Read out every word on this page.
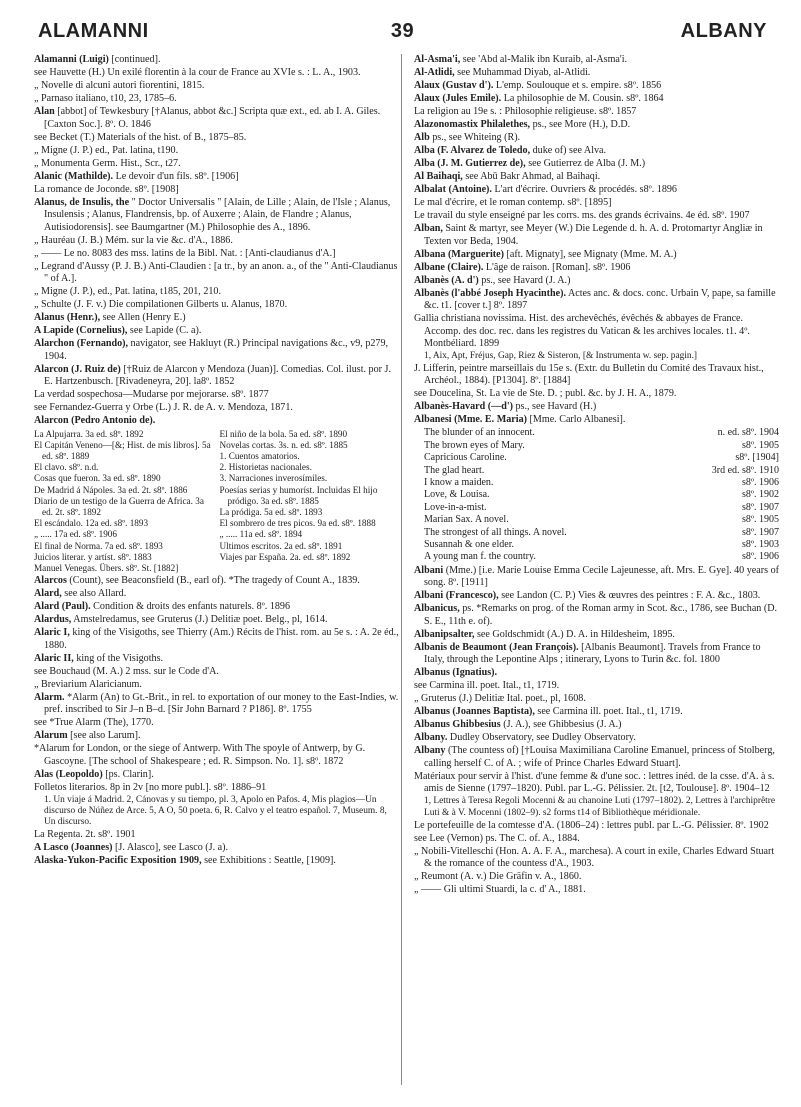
ALAMANNI	39	ALBANY
Alamanni (Luigi) [continued].
see Hauvette (H.) Un exilé florentin à la cour de France au XVIe s. : L. A., 1903.
„ Novelle di alcuni autori fiorentini, 1815.
„ Parnaso italiano, t10, 23, 1785–6.
Alan [abbot] of Tewkesbury [†Alanus, abbot &c.] Scripta quæ ext., ed. ab I. A. Giles. [Caxton Soc.]. 8º. O. 1846
see Becket (T.) Materials of the hist. of B., 1875–85.
„ Migne (J. P.) ed., Pat. latina, t190.
„ Monumenta Germ. Hist., Scr., t27.
Alanic (Mathilde). Le devoir d'un fils. s8º. [1906]
La romance de Joconde. s8º. [1908]
Alanus, de Insulis, the " Doctor Universalis " [Alain, de Lille ; Alain, de l'Isle ; Alanus, Insulensis ; Alanus, Flandrensis, bp. of Auxerre ; Alain, de Flandre ; Alanus, Autisiodorensis]. see Baumgartner (M.) Philosophie des A., 1896.
„ Hauréau (J. B.) Mém. sur la vie &c. d'A., 1886.
„ —— Le no. 8083 des mss. latins de la Bibl. Nat. : [Anti-claudianus d'A.]
„ Legrand d'Aussy (P. J. B.) Anti-Claudien : [a tr., by an anon. a., of the " Anti-Claudianus " of A.].
„ Migne (J. P.), ed., Pat. latina, t185, 201, 210.
„ Schulte (J. F. v.) Die compilationen Gilberts u. Alanus, 1870.
Alanus (Henr.), see Allen (Henry E.)
A Lapide (Cornelius), see Lapide (C. a).
Alarchon (Fernando), navigator, see Hakluyt (R.) Principal navigations &c., v9, p279, 1904.
Alarcon (J. Ruiz de) [†Ruiz de Alarcon y Mendoza (Juan)]. Comedias. Col. ilust. por J. E. Hartzenbusch. [Rivadeneyra, 20]. la8º. 1852
La verdad sospechosa—Mudarse por mejorarse. s8º. 1877
see Fernandez-Guerra y Orbe (L.) J. R. de A. v. Mendoza, 1871.
Alarcon (Pedro Antonio de).
La Alpujarra. 3a ed. s8º. 1892
El Capitán Veneno—[&; Hist. de mis libros]. 5a ed. s8º. 1889
El clavo. s8º. n.d.
Cosas que fueron. 3a ed. s8º. 1890
De Madrid á Nápoles. 3a ed. 2t. s8º. 1886
Diario de un testigo de la Guerra de Africa. 3a ed. 2t. s8º. 1892
El escándalo. 12a ed. s8º. 1893
„ ..... 17a ed. s8º. 1906
El final de Norma. 7a ed. s8º. 1893
Juicios literar. y artíst. s8º. 1883
Manuel Venegas. Übers. s8º. St. [1882]
El niño de la bola. 5a ed. s8º. 1890
Novelas cortas. 3s. n. ed. s8º. 1885
1. Cuentos amatorios.
2. Historietas nacionales.
3. Narraciones inverosímiles.
Poesías serias y humoríst. Incluidas El hijo pródigo. 3a ed. s8º. 1885
La pródiga. 5a ed. s8º. 1893
El sombrero de tres picos. 9a ed. s8º. 1888
„ ..... 11a ed. s8º. 1894
Ultimos escritos. 2a ed. s8º. 1891
Viajes par España. 2a. ed. s8º. 1892
Alarcos (Count), see Beaconsfield (B., earl of). *The tragedy of Count A., 1839.
Alard, see also Allard.
Alard (Paul). Condition & droits des enfants naturels. 8º. 1896
Alardus, Amstelredamus, see Gruterus (J.) Delitiæ poet. Belg., pl, 1614.
Alaric I, king of the Visigoths, see Thierry (Am.) Récits de l'hist. rom. au 5e s. : A. 2e éd., 1880.
Alaric II, king of the Visigoths.
see Bouchaud (M. A.) 2 mss. sur le Code d'A.
„ Breviarium Alaricianum.
Alarm. *Alarm (An) to Gt.-Brit., in rel. to exportation of our money to the East-Indies, w. pref. inscribed to Sir J–n B–d. [Sir John Barnard ? P186]. 8º. 1755
see *True Alarm (The), 1770.
Alarum [see also Larum].
*Alarum for London, or the siege of Antwerp. With The spoyle of Antwerp, by G. Gascoyne. [The school of Shakespeare ; ed. R. Simpson. No. 1]. s8º. 1872
Alas (Leopoldo) [ps. Clarin].
Folletos literarios. 8p in 2v [no more publ.]. s8º. 1886–91
1. Un viaje á Madrid. 2, Cánovas y su tiempo, pl. 3, Apolo en Pafos. 4, Mis plagios—Un discurso de Núñez de Arce. 5, A O, 50 poeta. 6, R. Calvo y el teatro español. 7, Museum. 8, Un discurso.
La Regenta. 2t. s8º. 1901
A Lasco (Joannes) [J. Alasco], see Lasco (J. a).
Alaska-Yukon-Pacific Exposition 1909, see Exhibitions : Seattle, [1909].
Al-Asma'i, see 'Abd al-Malik ibn Kuraib, al-Asma'i.
Al-Atlidi, see Muhammad Diyab, al-Atlidi.
Alaux (Gustav d'). L'emp. Soulouque et s. empire. s8º. 1856
Alaux (Jules Emile). La philosophie de M. Cousin. s8º. 1864
La religion au 19e s. : Philosophie religieuse. s8º. 1857
Alazonomastix Philalethes, ps., see More (H.), D.D.
Alb ps., see Whiteing (R).
Alba (F. Alvarez de Toledo, duke of) see Alva.
Alba (J. M. Gutierrez de), see Gutierrez de Alba (J. M.)
Al Baihaqi, see Abū Bakr Ahmad, al Baihaqi.
Albalat (Antoine). L'art d'écrire. Ouvriers & procédés. s8º. 1896
Le mal d'écrire, et le roman contemp. s8º. [1895]
Le travail du style enseigné par les corrs. ms. des grands écrivains. 4e éd. s8º. 1907
Alban, Saint & martyr, see Meyer (W.) Die Legende d. h. A. d. Protomartyr Angliæ in Texten vor Beda, 1904.
Albana (Marguerite) [aft. Mignaty], see Mignaty (Mme. M. A.)
Albane (Claire). L'âge de raison. [Roman]. s8º. 1906
Albanès (A. d') ps., see Havard (J. A.)
Albanès (l'abbé Joseph Hyacinthe). Actes anc. & docs. conc. Urbain V, pape, sa famille &c. t1. [cover t.] 8º. 1897
Gallia christiana novissima. Hist. des archevêchés, évêchés & abbayes de France. Accomp. des doc. rec. dans les registres du Vatican & les archives locales. t1. 4º. Montbéliard. 1899
1, Aix, Apt, Fréjus, Gap, Riez & Sisteron, [& Instrumenta w. sep. pagin.]
J. Lifferin, peintre marseillais du 15e s. (Extr. du Bulletin du Comité des Travaux hist., Archéol., 1884). [P1304]. 8º. [1884]
see Doucelina, St. La vie de Ste. D. ; publ. &c. by J. H. A., 1879.
Albanès-Havard (—d') ps., see Havard (H.)
Albanesi (Mme. E. Maria) [Mme. Carlo Albanesi].
The blunder of an innocent.	n. ed. s8º. 1904
The brown eyes of Mary.	s8º. 1905
Capricious Caroline.	s8º. [1904]
The glad heart.	3rd ed. s8º. 1910
I know a maiden.	s8º. 1906
Love, & Louisa.	s8º. 1902
Love-in-a-mist.	s8º. 1907
Marian Sax. A novel.	s8º. 1905
The strongest of all things. A novel.	s8º. 1907
Susannah & one elder.	s8º. 1903
A young man f. the country.	s8º. 1906
Albani (Mme.) [i.e. Marie Louise Emma Cecile Lajeunesse, aft. Mrs. E. Gye]. 40 years of song. 8º. [1911]
Albani (Francesco), see Landon (C. P.) Vies & œuvres des peintres : F. A. &c., 1803.
Albanicus, ps. *Remarks on prog. of the Roman army in Scot. &c., 1786, see Buchan (D. S. E., 11th e. of).
Albanipsalter, see Goldschmidt (A.) D. A. in Hildesheim, 1895.
Albanis de Beaumont (Jean François). [Albanis Beaumont]. Travels from France to Italy, through the Lepontine Alps ; itinerary, Lyons to Turin &c. fol. 1800
Albanus (Ignatius).
see Carmina ill. poet. Ital., t1, 1719.
„ Gruterus (J.) Delitiæ Ital. poet., pl, 1608.
Albanus (Joannes Baptista), see Carmina ill. poet. Ital., t1, 1719.
Albanus Ghibbesius (J. A.), see Ghibbesius (J. A.)
Albany. Dudley Observatory, see Dudley Observatory.
Albany (The countess of) [†Louisa Maximiliana Caroline Emanuel, princess of Stolberg, calling herself C. of A. ; wife of Prince Charles Edward Stuart].
Matériaux pour servir à l'hist. d'une femme & d'une soc. : lettres inéd. de la csse. d'A. à s. amis de Sienne (1797–1820). Publ. par L.-G. Pélissier. 2t. [t2, Toulouse]. 8º. 1904–12
1, Lettres à Teresa Regoli Mocenni & au chanoine Luti (1797–1802). 2, Lettres à l'archiprêtre Luti & à V. Mocenni (1802–9). s2 forms t14 of Bibliothèque méridionale.
Le portefeuille de la comtesse d'A. (1806–24) : lettres publ. par L.-G. Pélissier. 8º. 1902
see Lee (Vernon) ps. The C. of. A., 1884.
„ Nobili-Vitelleschi (Hon. A. A. F. A., marchesa). A court in exile, Charles Edward Stuart & the romance of the countess d'A., 1903.
„ Reumont (A. v.) Die Gräfin v. A., 1860.
„ —— Gli ultimi Stuardi, la c. d' A., 1881.
